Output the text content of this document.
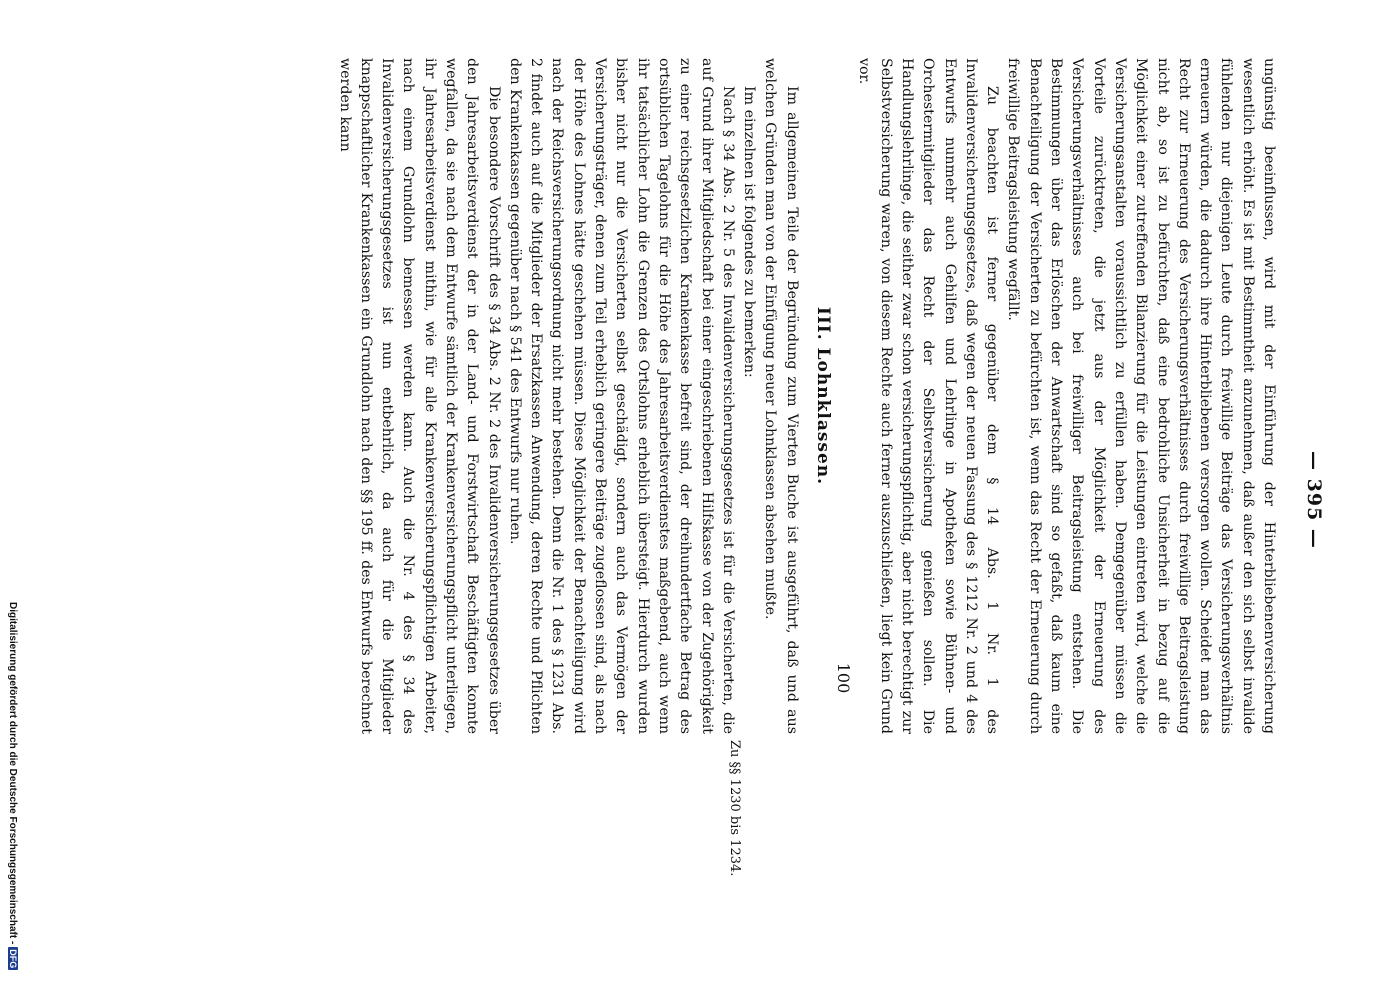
— 395 —

ungünstig beeinflussen, wird mit der Einführung der Hinterbliebenenversicherung wesentlich erhöht. Es ist mit Bestimmtheit anzunehmen, daß außer den sich selbst invalide fühlenden nur diejenigen Leute durch freiwillige Beiträge das Versicherungsverhältnis erneuern würden, die dadurch ihre Hinterbliebenen versorgen wollen. Scheidet man das Recht zur Erneuerung des Versicherungsverhältnisses durch freiwillige Beitragsleistung nicht ab, so ist zu befürchten, daß eine bedrohliche Unsicherheit in bezug auf die Möglichkeit einer zutreffenden Bilanzierung für die Leistungen eintreten wird, welche die Versicherungsanstalten voraussichtlich zu erfüllen haben. Demgegenüber müssen die Vorteile zurücktreten, die jetzt aus der Möglichkeit der Erneuerung des Versicherungsverhältnisses auch bei freiwilliger Beitragsleistung entstehen. Die Bestimmungen über das Erlöschen der Anwartschaft sind so gefaßt, daß kaum eine Benachteiligung der Versicherten zu befürchten ist, wenn das Recht der Erneuerung durch freiwillige Beitragsleistung wegfällt.

Zu beachten ist ferner gegenüber dem § 14 Abs. 1 Nr. 1 des Invalidenversicherungsgesetzes, daß wegen der neuen Fassung des § 1212 Nr. 2 und 4 des Entwurfs nunmehr auch Gehilfen und Lehrlinge in Apotheken sowie Bühnen- und Orchestermitglieder das Recht der Selbstversicherung genießen sollen. Die Handlungslehrlinge, die seither zwar schon versicherungspflichtig, aber nicht berechtigt zur Selbstversicherung waren, von diesem Rechte auch ferner auszuschließen, liegt kein Grund vor.

III. Lohnklassen.

Im allgemeinen Teile der Begründung zum Vierten Buche ist ausgeführt, daß und aus welchen Gründen man von der Einfügung neuer Lohnklassen absehen mußte.

Im einzelnen ist folgendes zu bemerken:

Nach § 34 Abs. 2 Nr. 5 des Invalidenversicherungsgesetzes ist für die Versicherten, die auf Grund ihrer Mitgliedschaft bei einer eingeschriebenen Hilfskasse von der Zugehörigkeit zu einer reichsgesetzlichen Krankenkasse befreit sind, der dreihundertfache Betrag des ortsüblichen Tagelohns für die Höhe des Jahresarbeitsverdienstes maßgebend, auch wenn ihr tatsächlicher Lohn die Grenzen des Ortslohns erheblich übersteigt. Hierdurch wurden bisher nicht nur die Versicherten selbst geschädigt, sondern auch das Vermögen der Versicherungsträger, denen zum Teil erheblich geringere Beiträge zugeflossen sind, als nach der Höhe des Lohnes hätte geschehen müssen. Diese Möglichkeit der Benachteiligung wird nach der Reichsversicherungsordnung nicht mehr bestehen. Denn die Nr. 1 des § 1231 Abs. 2 findet auch auf die Mitglieder der Ersatzkassen Anwendung, deren Rechte und Pflichten den Krankenkassen gegenüber nach § 541 des Entwurfs nur ruhen.

Die besondere Vorschrift des § 34 Abs. 2 Nr. 2 des Invalidenversicherungsgesetzes über den Jahresarbeitsverdienst der in der Land- und Forstwirtschaft Beschäftigten konnte wegfallen, da sie nach dem Entwurfe sämtlich der Krankenversicherungspflicht unterliegen, ihr Jahresarbeitsverdienst mithin, wie für alle Krankenversicherungspflichtigen Arbeiter, nach einem Grundlohn bemessen werden kann. Auch die Nr. 4 des § 34 des Invalidenversicherungsgesetzes ist nun entbehrlich, da auch für die Mitglieder knappschaftlicher Krankenkassen ein Grundlohn nach den §§ 195 ff. des Entwurfs berechnet werden kann

Zu §§ 1230 bis 1234.
100
Digitalisierung gefördert durch die Deutsche Forschungsgemeinschaft -DFG
